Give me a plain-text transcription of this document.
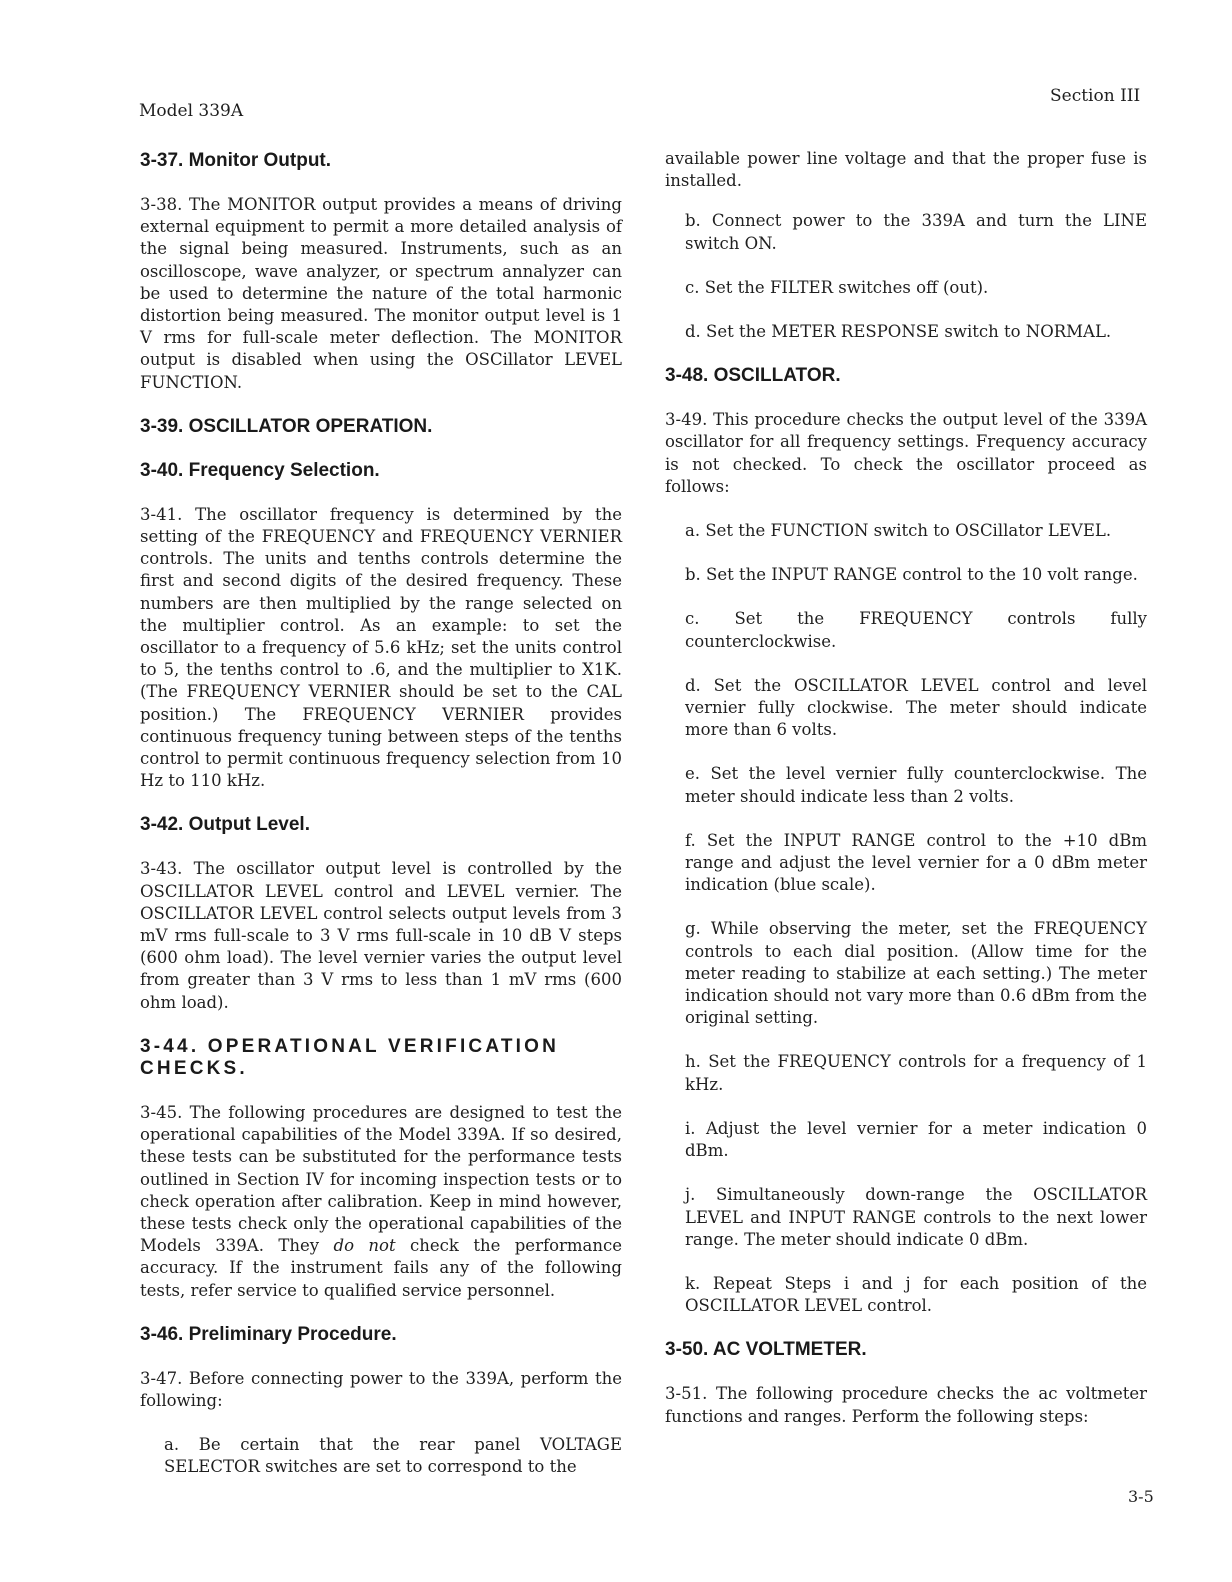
Model 339A
Section III
3-37. Monitor Output.

3-38. The MONITOR output provides a means of driving external equipment to permit a more detailed analysis of the signal being measured. Instruments, such as an oscilloscope, wave analyzer, or spectrum annalyzer can be used to determine the nature of the total harmonic distortion being measured. The monitor output level is 1 V rms for full-scale meter deflection. The MONITOR output is disabled when using the OSCillator LEVEL FUNCTION.

3-39. OSCILLATOR OPERATION.
3-40. Frequency Selection.

3-41. The oscillator frequency is determined by the setting of the FREQUENCY and FREQUENCY VERNIER controls. The units and tenths controls determine the first and second digits of the desired frequency. These numbers are then multiplied by the range selected on the multiplier control. As an example: to set the oscillator to a frequency of 5.6 kHz; set the units control to 5, the tenths control to .6, and the multiplier to X1K. (The FREQUENCY VERNIER should be set to the CAL position.) The FREQUENCY VERNIER provides continuous frequency tuning between steps of the tenths control to permit continuous frequency selection from 10 Hz to 110 kHz.

3-42. Output Level.

3-43. The oscillator output level is controlled by the OSCILLATOR LEVEL control and LEVEL vernier. The OSCILLATOR LEVEL control selects output levels from 3 mV rms full-scale to 3 V rms full-scale in 10 dB V steps (600 ohm load). The level vernier varies the output level from greater than 3 V rms to less than 1 mV rms (600 ohm load).

3-44. OPERATIONAL VERIFICATION CHECKS.

3-45. The following procedures are designed to test the operational capabilities of the Model 339A. If so desired, these tests can be substituted for the performance tests outlined in Section IV for incoming inspection tests or to check operation after calibration. Keep in mind however, these tests check only the operational capabilities of the Models 339A. They do not check the performance accuracy. If the instrument fails any of the following tests, refer service to qualified service personnel.

3-46. Preliminary Procedure.

3-47. Before connecting power to the 339A, perform the following:

a. Be certain that the rear panel VOLTAGE SELECTOR switches are set to correspond to the

available power line voltage and that the proper fuse is installed.

b. Connect power to the 339A and turn the LINE switch ON.

c. Set the FILTER switches off (out).

d. Set the METER RESPONSE switch to NORMAL.

3-48. OSCILLATOR.

3-49. This procedure checks the output level of the 339A oscillator for all frequency settings. Frequency accuracy is not checked. To check the oscillator proceed as follows:

a. Set the FUNCTION switch to OSCillator LEVEL.

b. Set the INPUT RANGE control to the 10 volt range.

c. Set the FREQUENCY controls fully counterclockwise.

d. Set the OSCILLATOR LEVEL control and level vernier fully clockwise. The meter should indicate more than 6 volts.

e. Set the level vernier fully counterclockwise. The meter should indicate less than 2 volts.

f. Set the INPUT RANGE control to the +10 dBm range and adjust the level vernier for a 0 dBm meter indication (blue scale).

g. While observing the meter, set the FREQUENCY controls to each dial position. (Allow time for the meter reading to stabilize at each setting.) The meter indication should not vary more than 0.6 dBm from the original setting.

h. Set the FREQUENCY controls for a frequency of 1 kHz.

i. Adjust the level vernier for a meter indication 0 dBm.

j. Simultaneously down-range the OSCILLATOR LEVEL and INPUT RANGE controls to the next lower range. The meter should indicate 0 dBm.

k. Repeat Steps i and j for each position of the OSCILLATOR LEVEL control.

3-50. AC VOLTMETER.

3-51. The following procedure checks the ac voltmeter functions and ranges. Perform the following steps:

3-5
